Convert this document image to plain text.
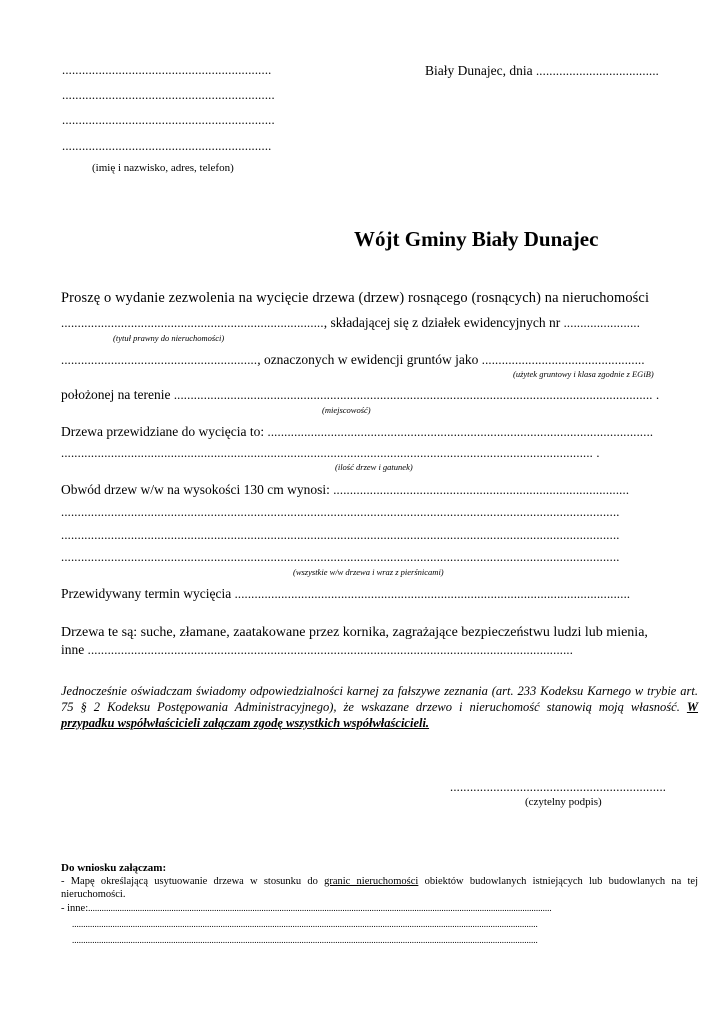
...............................................................
................................................................
................................................................
...............................................................
(imię i nazwisko, adres, telefon)
Biały Dunajec, dnia .....................................
Wójt Gminy Biały Dunajec
Proszę o wydanie zezwolenia na wycięcie drzewa (drzew) rosnącego (rosnących) na nieruchomości
..............................................................................., składającej się z działek ewidencyjnych nr .......................
(tytuł prawny do nieruchomości)
..........................................................., oznaczonych w ewidencji gruntów jako .................................................
(użytek gruntowy i klasa zgodnie z EGiB)
położonej na terenie ................................................................................................................................................ .
(miejscowość)
Drzewa przewidziane do wycięcia to: ....................................................................................................................
................................................................................................................................................................ .
(ilość drzew i gatunek)
Obwód drzew w/w na wysokości 130 cm wynosi: .........................................................................................
........................................................................................................................................................................
........................................................................................................................................................................
........................................................................................................................................................................
(wszystkie w/w drzewa i wraz z pierśnicami)
Przewidywany termin wycięcia .......................................................................................................................
Drzewa te są: suche, złamane, zaatakowane przez kornika, zagrażające bezpieczeństwu ludzi lub mienia,
inne ..................................................................................................................................................
Jednocześnie oświadczam świadomy odpowiedzialności karnej za fałszywe zeznania (art. 233 Kodeksu Karnego w trybie art. 75 § 2 Kodeksu Postępowania Administracyjnego), że wskazane drzewo i nieruchomość stanowią moją własność. W przypadku współwłaścicieli załączam zgodę wszystkich współwłaścicieli.
.................................................................
(czytelny podpis)
Do wniosku załączam:
- Mapę określającą usytuowanie drzewa w stosunku do granic nieruchomości obiektów budowlanych istniejących lub budowlanych na tej nieruchomości.
- inne:..............................................................................................................................................................................................................
...............................................................................................................................................................................................................
...............................................................................................................................................................................................................
